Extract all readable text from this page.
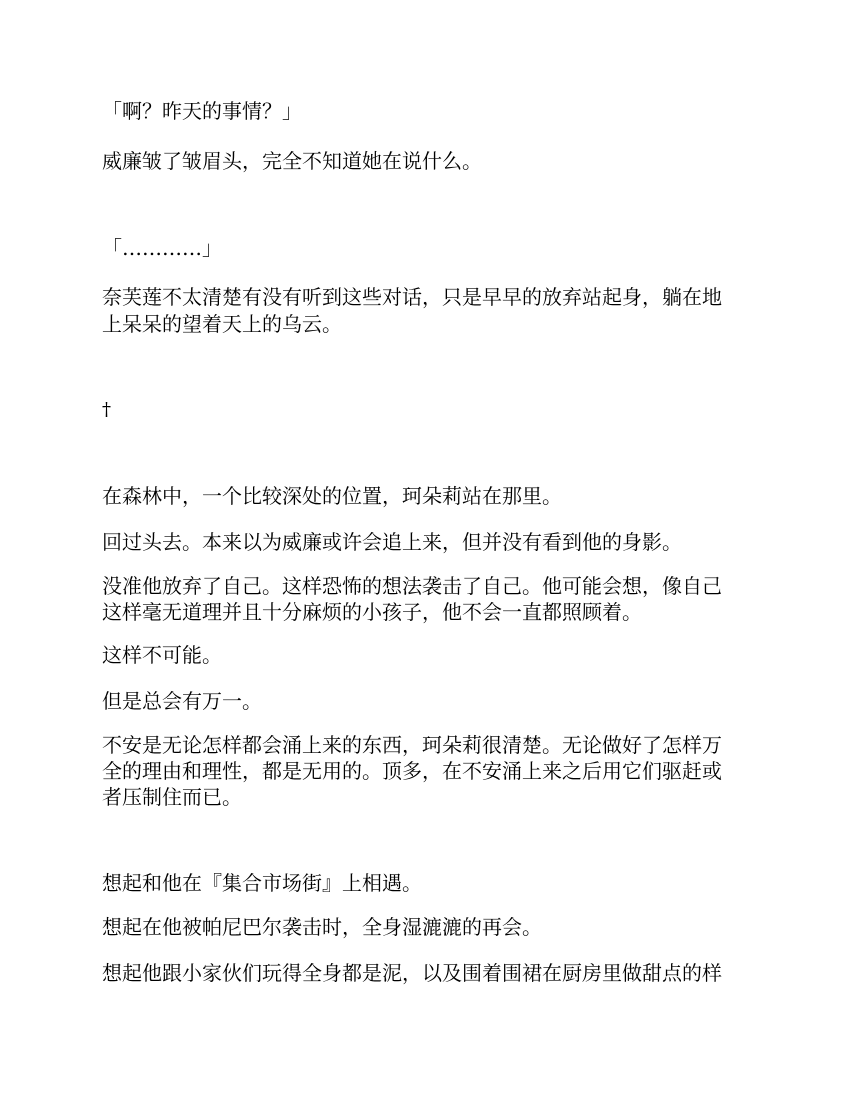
「啊？昨天的事情？」
威廉皱了皱眉头，完全不知道她在说什么。
「…………」
奈芙莲不太清楚有没有听到这些对话，只是早早的放弃站起身，躺在地
上呆呆的望着天上的乌云。
†
在森林中，一个比较深处的位置，珂朵莉站在那里。
回过头去。本来以为威廉或许会追上来，但并没有看到他的身影。
没准他放弃了自己。这样恐怖的想法袭击了自己。他可能会想，像自己
这样毫无道理并且十分麻烦的小孩子，他不会一直都照顾着。
这样不可能。
但是总会有万一。
不安是无论怎样都会涌上来的东西，珂朵莉很清楚。无论做好了怎样万
全的理由和理性，都是无用的。顶多，在不安涌上来之后用它们驱赶或
者压制住而已。
想起和他在『集合市场街』上相遇。
想起在他被帕尼巴尔袭击时，全身湿漉漉的再会。
想起他跟小家伙们玩得全身都是泥，以及围着围裙在厨房里做甜点的样
